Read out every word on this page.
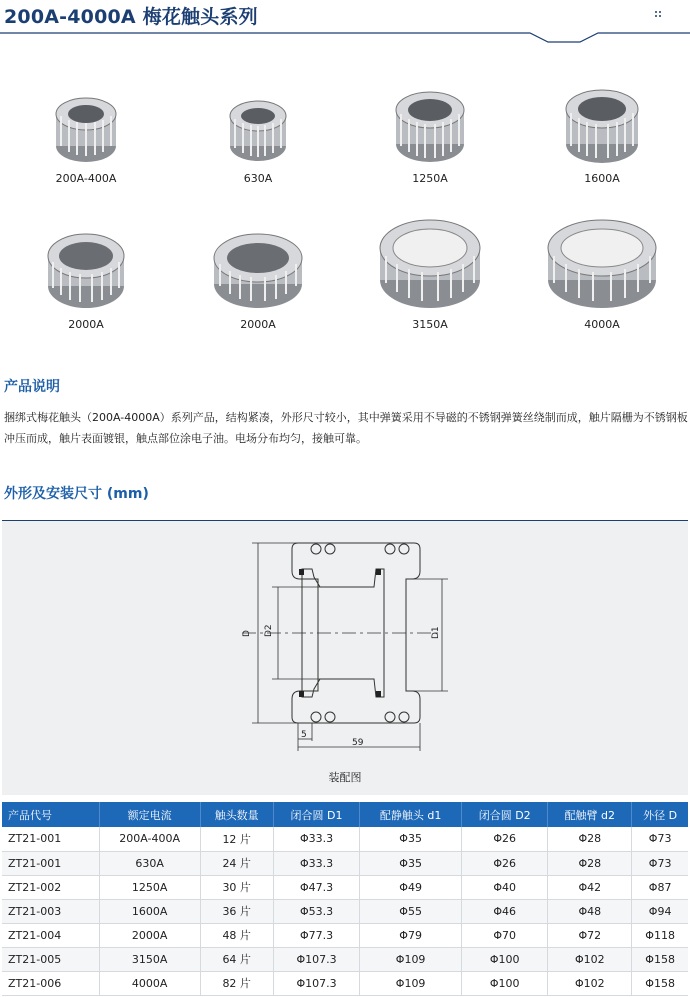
200A-4000A 梅花触头系列
200A-400A	630A	1250A	1600A
2000A	2000A	3150A	4000A
产品说明
捆绑式梅花触头（200A-4000A）系列产品，结构紧凑，外形尺寸较小，其中弹簧采用不导磁的不锈钢弹簧丝绕制而成，触片隔栅为不锈钢板冲压而成，触片表面镀银，触点部位涂电子油。电场分布均匀，接触可靠。
外形及安装尺寸 (mm)
D D2	D1
5
59
装配图
产品代号	额定电流	触头数量	闭合圆 D1	配静触头 d1	闭合圆 D2	配触臂 d2	外径 D
ZT21-001	200A-400A	12 片	Φ33.3	Φ35	Φ26	Φ28	Φ73
ZT21-001	630A	24 片	Φ33.3	Φ35	Φ26	Φ28	Φ73
ZT21-002	1250A	30 片	Φ47.3	Φ49	Φ40	Φ42	Φ87
ZT21-003	1600A	36 片	Φ53.3	Φ55	Φ46	Φ48	Φ94
ZT21-004	2000A	48 片	Φ77.3	Φ79	Φ70	Φ72	Φ118
ZT21-005	3150A	64 片	Φ107.3	Φ109	Φ100	Φ102	Φ158
ZT21-006	4000A	82 片	Φ107.3	Φ109	Φ100	Φ102	Φ158
